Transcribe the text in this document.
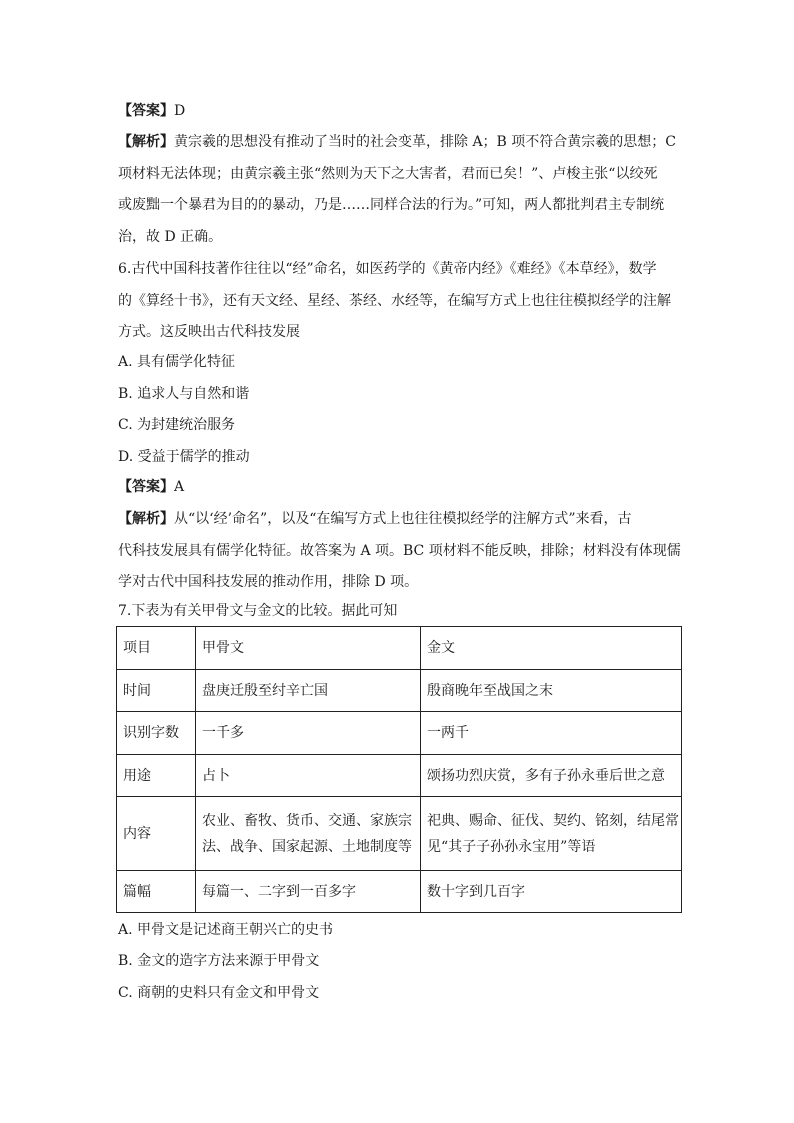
【答案】D
【解析】黄宗羲的思想没有推动了当时的社会变革，排除 A；B 项不符合黄宗羲的思想；C
项材料无法体现；由黄宗羲主张“然则为天下之大害者，君而已矣！”、卢梭主张“以绞死
或废黜一个暴君为目的的暴动，乃是……同样合法的行为。”可知，两人都批判君主专制统
治，故 D 正确。
6.古代中国科技著作往往以“经”命名，如医药学的《黄帝内经》《难经》《本草经》，数学
的《算经十书》，还有天文经、星经、茶经、水经等，在编写方式上也往往模拟经学的注解
方式。这反映出古代科技发展
A. 具有儒学化特征
B. 追求人与自然和谐
C. 为封建统治服务
D. 受益于儒学的推动
【答案】A
【解析】从“以‘经’命名”，以及“在编写方式上也往往模拟经学的注解方式”来看，古
代科技发展具有儒学化特征。故答案为 A 项。BC 项材料不能反映，排除；材料没有体现儒
学对古代中国科技发展的推动作用，排除 D 项。
7.下表为有关甲骨文与金文的比较。据此可知
项目	甲骨文	金文

时间	盘庚迁殷至纣辛亡国	殷商晚年至战国之末

识别字数	一千多	一两千

用途	占卜	颂扬功烈庆赏，多有子孙永垂后世之意

内容	农业、畜牧、货币、交通、家族宗
法、战争、国家起源、土地制度等	祀典、赐命、征伐、契约、铭刻，结尾常
见“其子子孙孙永宝用”等语

篇幅	每篇一、二字到一百多字	数十字到几百字
A. 甲骨文是记述商王朝兴亡的史书
B. 金文的造字方法来源于甲骨文
C. 商朝的史料只有金文和甲骨文
